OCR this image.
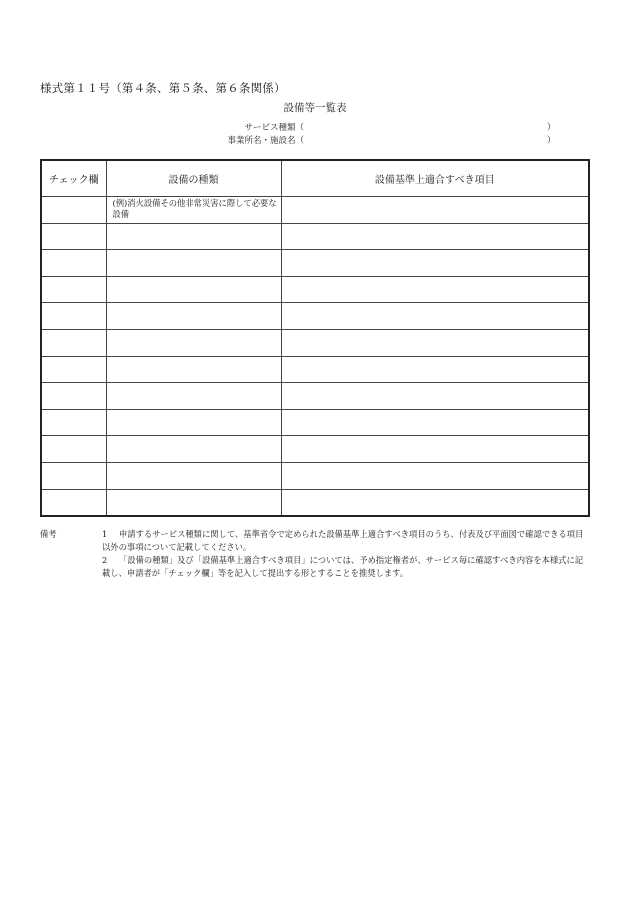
様式第１１号（第４条、第５条、第６条関係）
設備等一覧表
サービス種類（	）
事業所名・施設名（	）
チェック欄	設備の種類	設備基準上適合すべき項目

	(例)消火設備その他非常災害に際して必要な設備	

備考	1 申請するサービス種類に関して、基準省令で定められた設備基準上適合すべき項目のうち、付表及び平面図で確認できる項目以外の事項について記載してください。
2 「設備の種類」及び「設備基準上適合すべき項目」については、予め指定権者が、サービス毎に確認すべき内容を本様式に記載し、申請者が「チェック欄」等を記入して提出する形とすることを推奨します。
